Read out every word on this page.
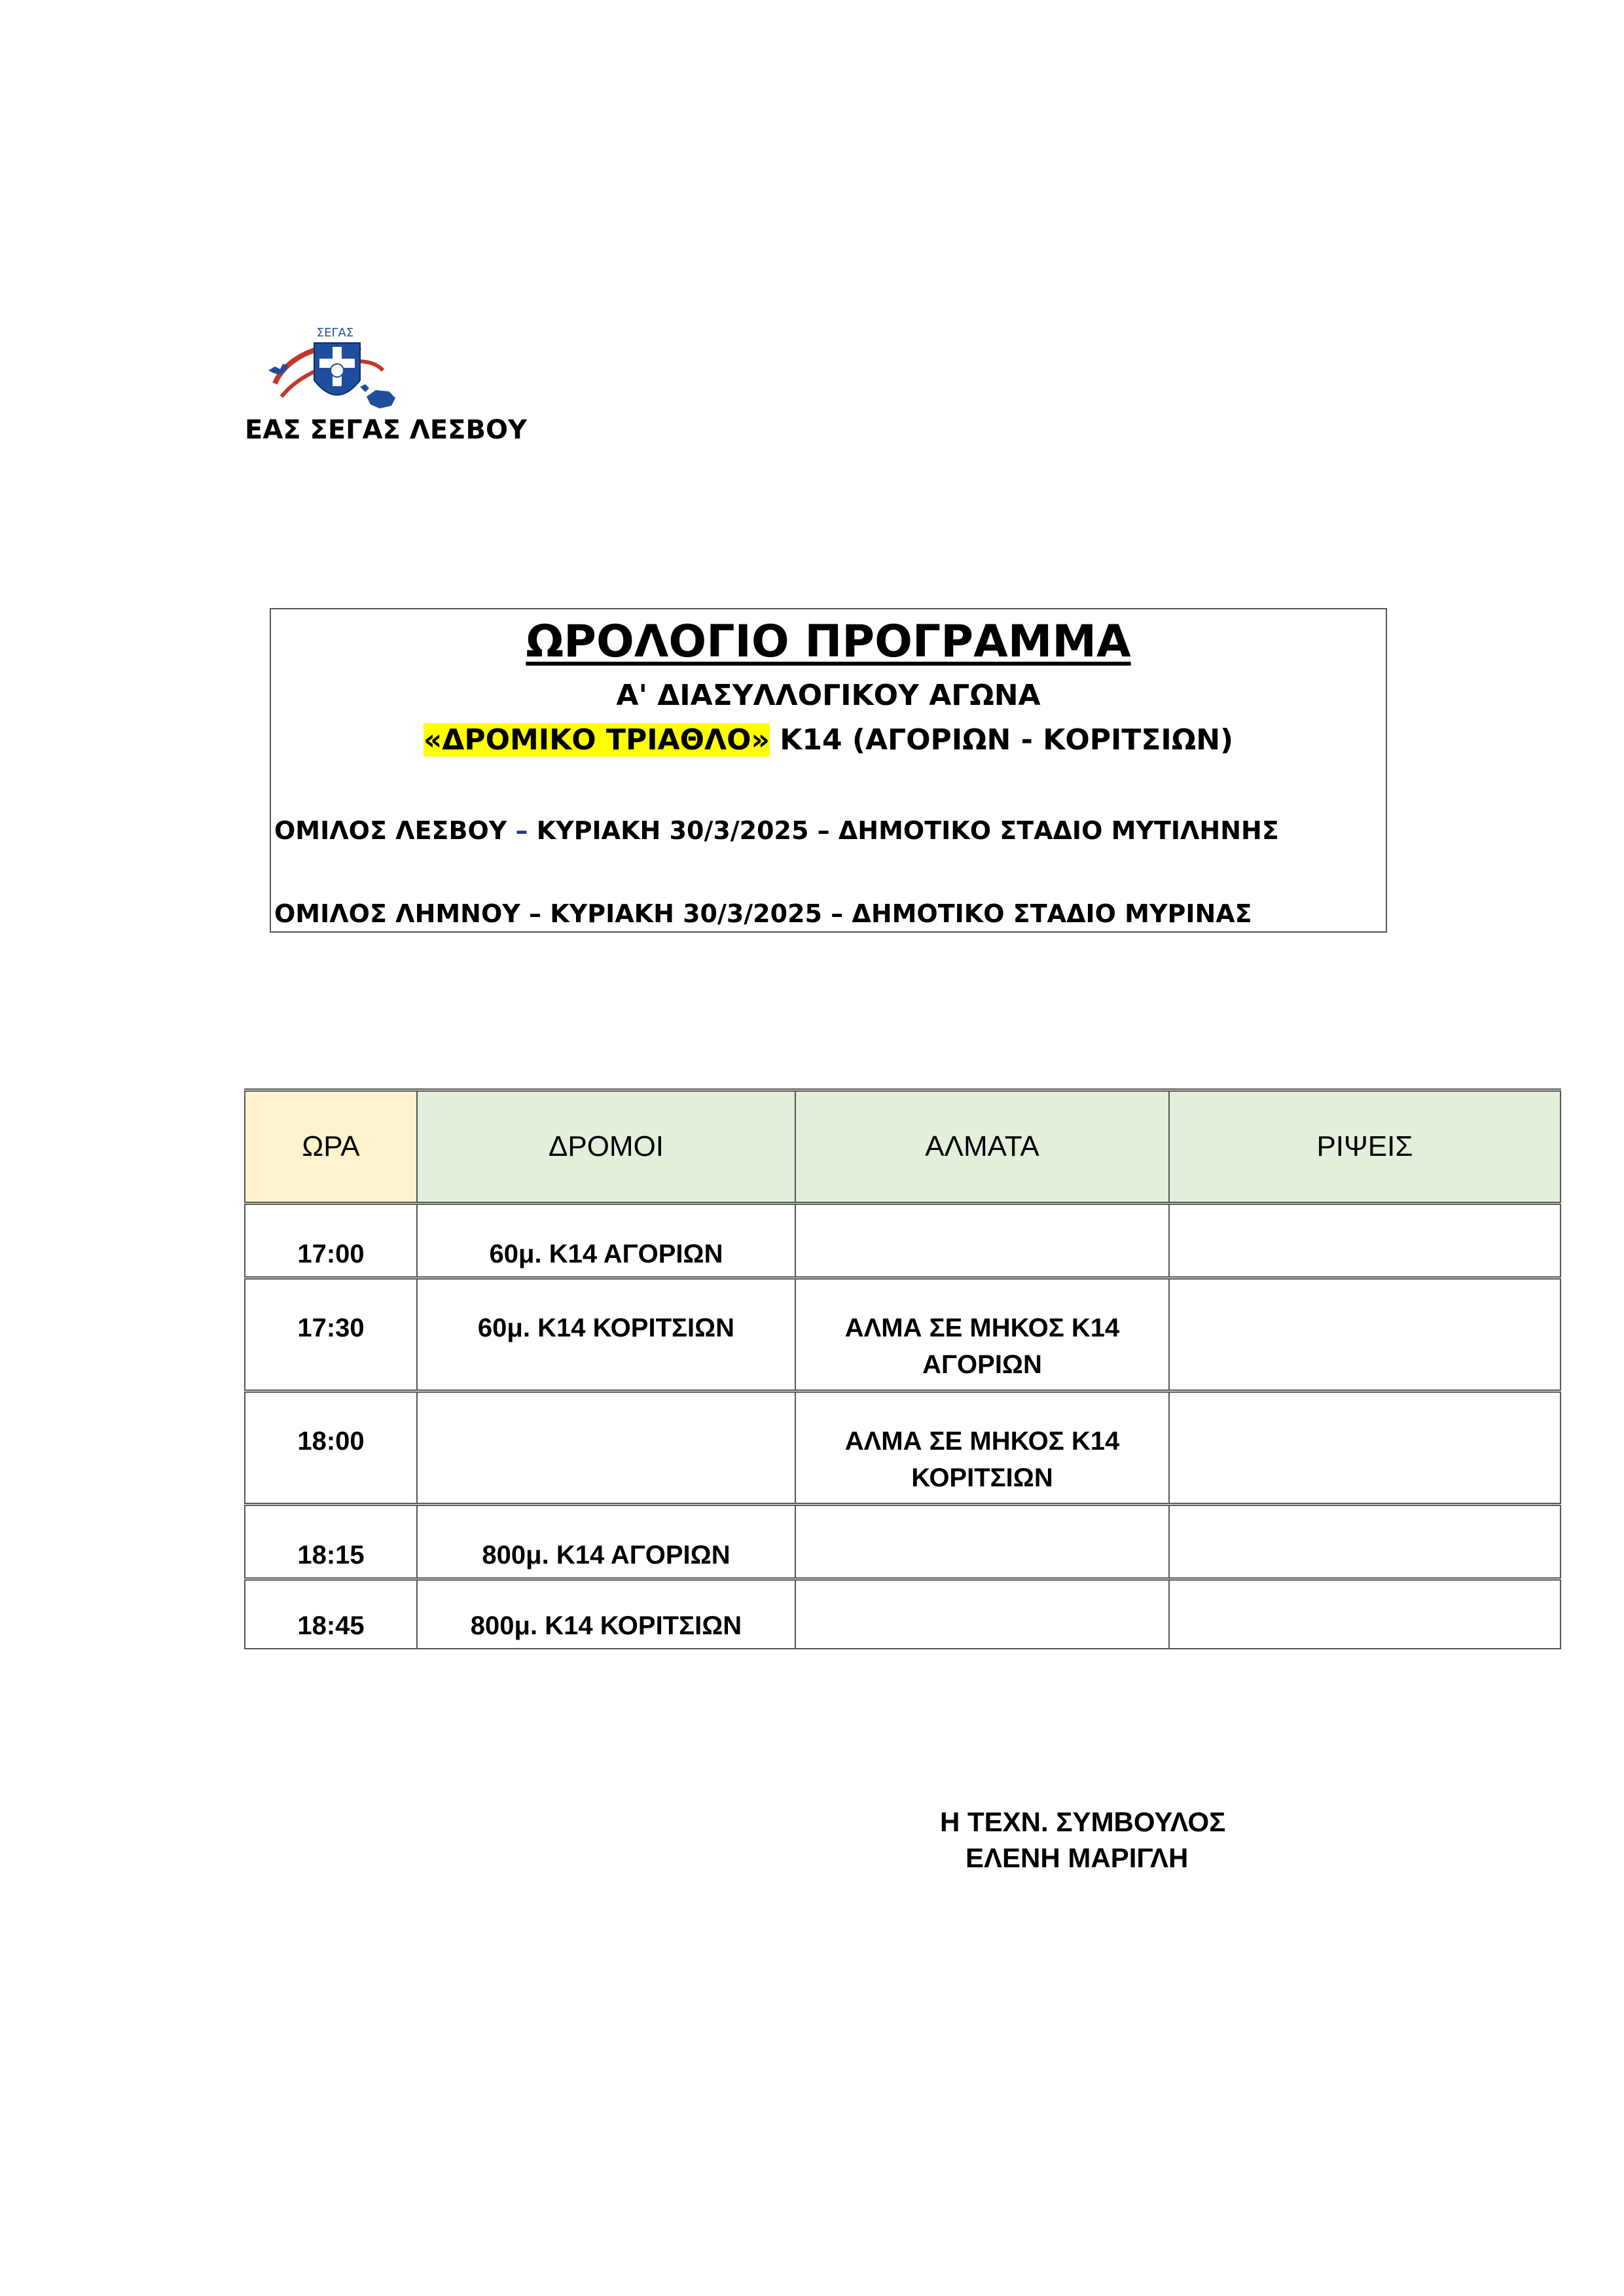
ΣΕΓΑΣ
ΕΑΣ ΣΕΓΑΣ ΛΕΣΒΟΥ
ΩΡΟΛΟΓΙΟ ΠΡΟΓΡΑΜΜΑ
Α' ΔΙΑΣΥΛΛΟΓΙΚΟΥ ΑΓΩΝΑ
«ΔΡΟΜΙΚΟ ΤΡΙΑΘΛΟ» Κ14 (ΑΓΟΡΙΩΝ - ΚΟΡΙΤΣΙΩΝ)
ΟΜΙΛΟΣ ΛΕΣΒΟΥ – ΚΥΡΙΑΚΗ 30/3/2025 – ΔΗΜΟΤΙΚΟ ΣΤΑΔΙΟ ΜΥΤΙΛΗΝΗΣ
ΟΜΙΛΟΣ ΛΗΜΝΟΥ – ΚΥΡΙΑΚΗ 30/3/2025 – ΔΗΜΟΤΙΚΟ ΣΤΑΔΙΟ ΜΥΡΙΝΑΣ
ΩΡΑ	ΔΡΟΜΟΙ	ΑΛΜΑΤΑ	ΡΙΨΕΙΣ
17:00	60μ. Κ14 ΑΓΟΡΙΩΝ		
17:30	60μ. Κ14 ΚΟΡΙΤΣΙΩΝ	ΑΛΜΑ ΣΕ ΜΗΚΟΣ Κ14 ΑΓΟΡΙΩΝ	
18:00		ΑΛΜΑ ΣΕ ΜΗΚΟΣ Κ14 ΚΟΡΙΤΣΙΩΝ	
18:15	800μ. Κ14 ΑΓΟΡΙΩΝ		
18:45	800μ. Κ14 ΚΟΡΙΤΣΙΩΝ		
Η ΤΕΧΝ. ΣΥΜΒΟΥΛΟΣ
ΕΛΕΝΗ ΜΑΡΙΓΛΗ
